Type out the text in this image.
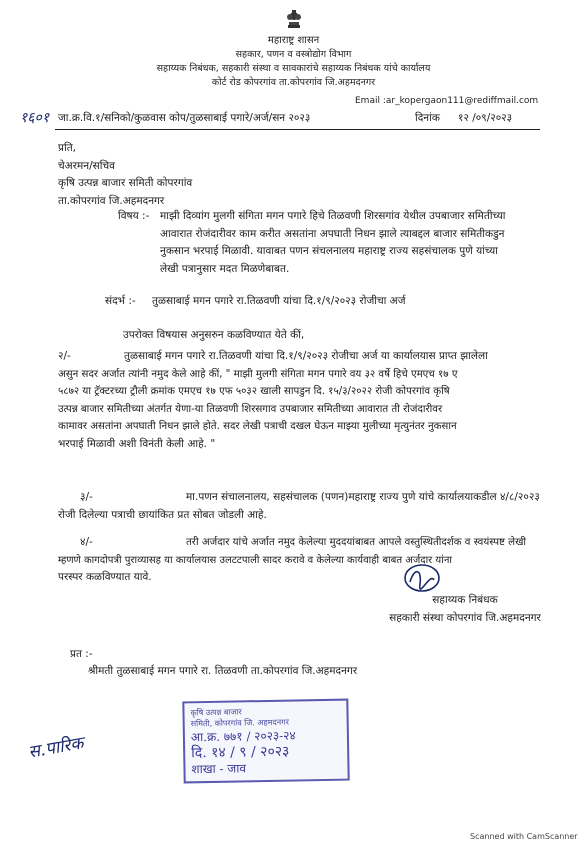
महाराष्ट्र शासन
सहकार, पणन व वस्त्रोद्योग विभाग
सहाय्यक निबंधक, सहकारी संस्था व सावकारांचे सहाय्यक निबंधक यांचे कार्यालय
कोर्ट रोड कोपरगांव ता.कोपरगांव जि.अहमदनगर
Email :ar_kopergaon111@rediffmail.com
१६०१ जा.क्र.वि.१/सनिको/कुळवास कोप/तुळसाबाई पगारे/अर्ज/सन २०२३	दिनांक १२ /०९/२०२३
प्रति,
चेअरमन/सचिव
कृषि उत्पन्न बाजार समिती कोपरगांव
ता.कोपरगांव जि.अहमदनगर
विषय :- माझी दिव्यांग मुलगी संगिता मगन पगारे हिचे तिळवणी शिरसगांव येथील उपबाजार समितीच्या
आवारात रोजंदारीवर काम करीत असतांना अपघाती निधन झाले त्याबद्दल बाजार समितीकडुन
नुकसान भरपाई मिळावी. यावाबत पणन संचलनालय महाराष्ट्र राज्य सहसंचालक पुणे यांच्या
लेखी पत्रानुसार मदत मिळणेबाबत.
संदर्भ :- तुळसाबाई मगन पगारे रा.तिळवणी यांचा दि.१/९/२०२३ रोजीचा अर्ज
उपरोक्त विषयास अनुसरुन कळविण्यात येते कीं,
२/-	तुळसाबाई मगन पगारे रा.तिळवणी यांचा दि.१/९/२०२३ रोजीचा अर्ज या कार्यालयास प्राप्त झालेला
असुन सदर अर्जात त्यांनी नमुद केले आहे कीं, " माझी मुलगी संगिता मगन पगारे वय ३२ वर्षे हिचे एमएच १७ ए
५८७२ या ट्रॅक्टरच्या ट्रौली क्रमांक एमएच १७ एफ ५०३२ खाली सापडुन दि. १५/३/२०२२ रोजी कोपरगांव कृषि
उत्पन्न बाजार समितीच्या अंतर्गत येणा-या तिळवणी शिरसगाव उपबाजार समितीच्या आवारात ती रोजंदारीवर
कामावर असतांना अपघाती निधन झाले होते. सदर लेखी पत्राची दखल घेऊन माझ्या मुलीच्या मृत्युनंतर नुकसान
भरपाई मिळावी अशी विनंती केली आहे. "
३/-	मा.पणन संचालनालय, सहसंचालक (पणन)महाराष्ट्र राज्य पुणे यांचे कार्यालयाकडील ४/८/२०२३
रोजी दिलेल्या पत्राची छायांकित प्रत सोबत जोडली आहे.
४/-	तरी अर्जदार यांचे अर्जात नमुद केलेल्या मुददयांबाबत आपले वस्तुस्थितीदर्शक व स्वयंस्पष्ट लेखी
म्हणणे कागदोपत्री पुराव्यासह या कार्यालयास उलटटपाली सादर करावे व केलेल्या कार्यवाही बाबत अर्जदार यांना
परस्पर कळविण्यात यावे.
सहाय्यक निबंधक
सहकारी संस्था कोपरगांव जि.अहमदनगर
प्रत :-
श्रीमती तुळसाबाई मगन पगारे रा. तिळवणी ता.कोपरगांव जि.अहमदनगर
स.पारिक
कृषि उत्पन्न बाजार
समिती, कोपरगांव जि. अहमदनगर
आ.क्र. ७७१ / २०२३-२४
दि. १४ / ९ / २०२३
शाखा - जाव
Scanned with CamScanner
